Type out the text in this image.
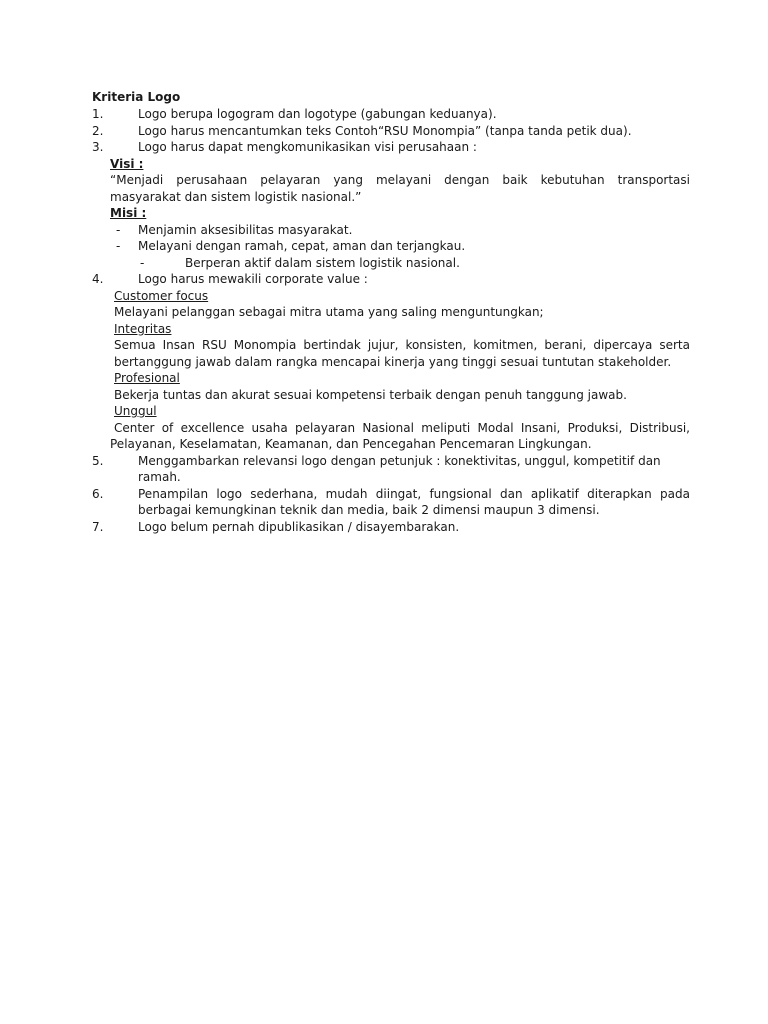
Kriteria Logo
1.	Logo berupa logogram dan logotype (gabungan keduanya).
2.	Logo harus mencantumkan teks Contoh“RSU Monompia” (tanpa tanda petik dua).
3.	Logo harus dapat mengkomunikasikan visi perusahaan :
Visi :
“Menjadi perusahaan pelayaran yang melayani dengan baik kebutuhan transportasi masyarakat dan sistem logistik nasional.”
Misi :
- Menjamin aksesibilitas masyarakat.
- Melayani dengan ramah, cepat, aman dan terjangkau.
-	Berperan aktif dalam sistem logistik nasional.
4.	Logo harus mewakili corporate value :
Customer focus
Melayani pelanggan sebagai mitra utama yang saling menguntungkan;
Integritas
Semua Insan RSU Monompia bertindak jujur, konsisten, komitmen, berani, dipercaya serta bertanggung jawab dalam rangka mencapai kinerja yang tinggi sesuai tuntutan stakeholder.
Profesional
Bekerja tuntas dan akurat sesuai kompetensi terbaik dengan penuh tanggung jawab.
Unggul
Center of excellence usaha pelayaran Nasional meliputi Modal Insani, Produksi, Distribusi,
Pelayanan, Keselamatan, Keamanan, dan Pencegahan Pencemaran Lingkungan.
5.	Menggambarkan relevansi logo dengan petunjuk : konektivitas, unggul, kompetitif dan ramah.
6.	Penampilan logo sederhana, mudah diingat, fungsional dan aplikatif diterapkan pada berbagai kemungkinan teknik dan media, baik 2 dimensi maupun 3 dimensi.
7.	Logo belum pernah dipublikasikan / disayembarakan.
